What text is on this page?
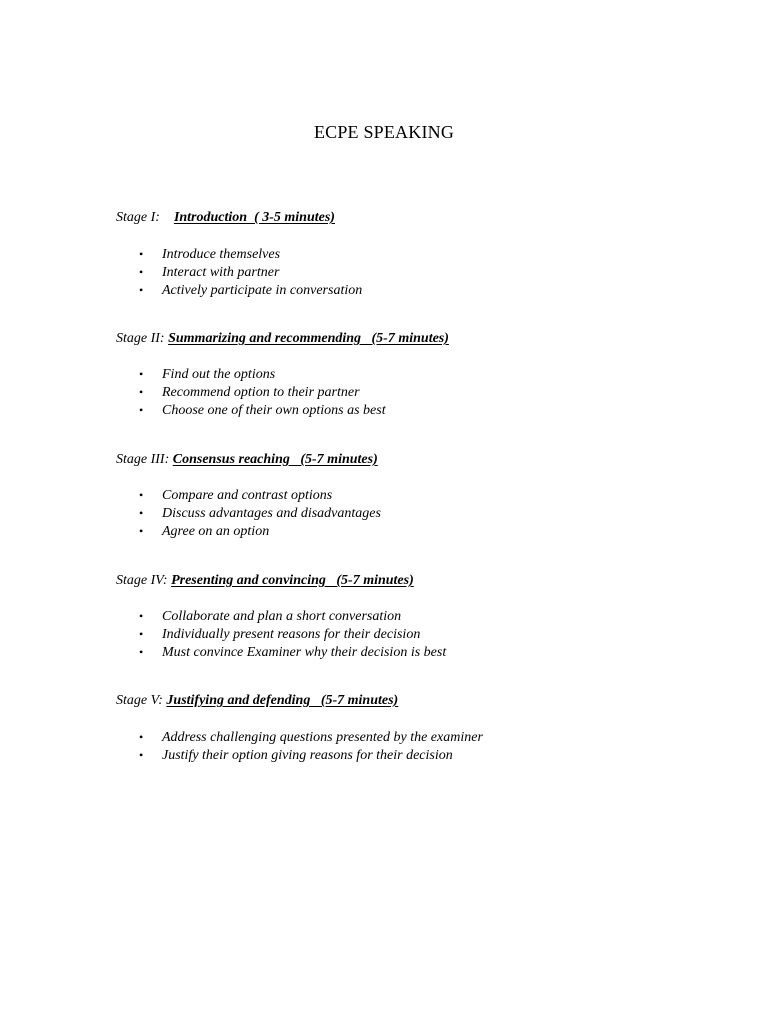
ECPE SPEAKING
Stage I: Introduction  ( 3-5 minutes)
• Introduce themselves
• Interact with partner
• Actively participate in conversation
Stage II: Summarizing and recommending   (5-7 minutes)
• Find out the options
• Recommend option to their partner
• Choose one of their own options as best
Stage III: Consensus reaching   (5-7 minutes)
• Compare and contrast options
• Discuss advantages and disadvantages
• Agree on an option
Stage IV: Presenting and convincing   (5-7 minutes)
• Collaborate and plan a short conversation
• Individually present reasons for their decision
• Must convince Examiner why their decision is best
Stage V: Justifying and defending   (5-7 minutes)
• Address challenging questions presented by the examiner
• Justify their option giving reasons for their decision
